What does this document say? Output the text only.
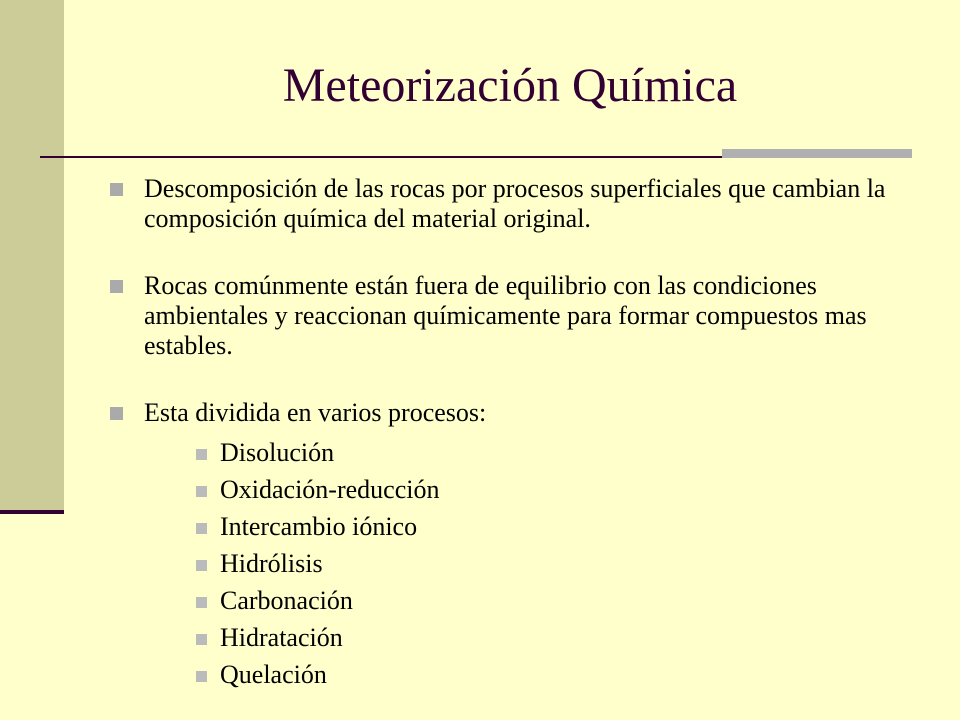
Meteorización Química
Descomposición de las rocas por procesos superficiales que cambian la composición química del material original.
Rocas comúnmente están fuera de equilibrio con las condiciones ambientales y reaccionan químicamente para formar compuestos mas estables.
Esta dividida en varios procesos:
Disolución
Oxidación-reducción
Intercambio iónico
Hidrólisis
Carbonación
Hidratación
Quelación
